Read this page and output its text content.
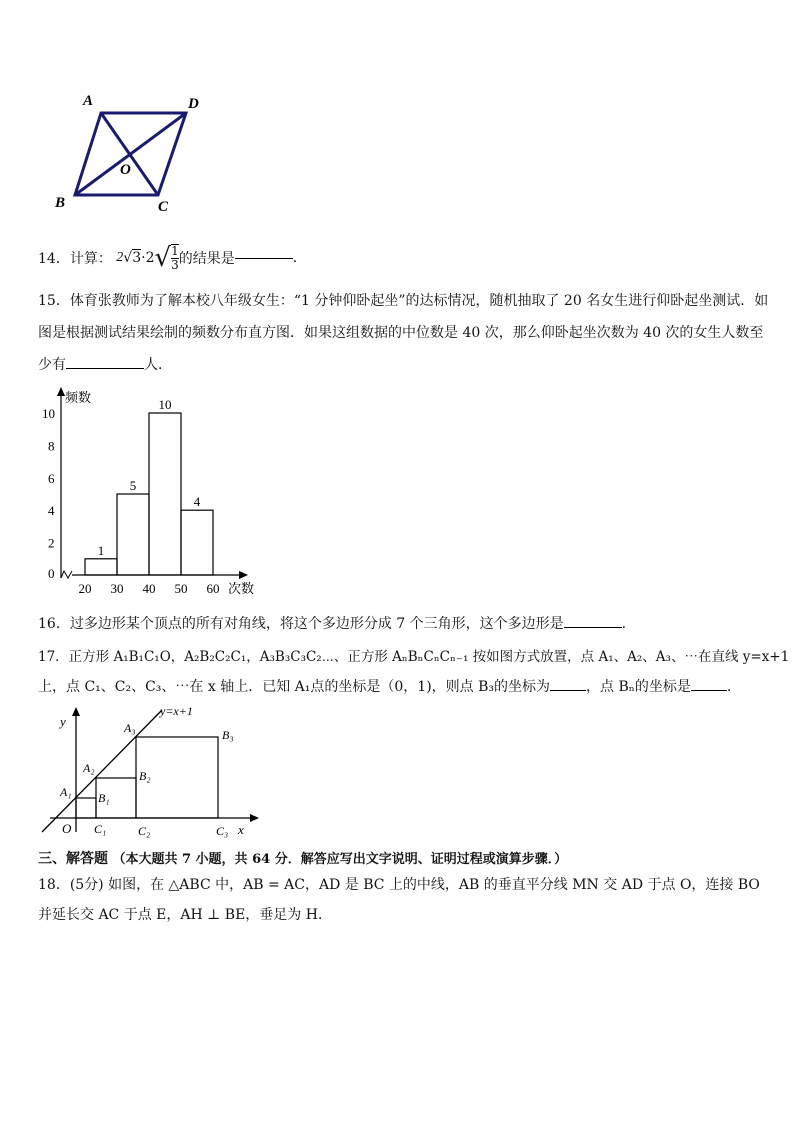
A	D
B	C
O
14．计算： $2√3\cdot 2√ \frac{1}{3}$ 的结果是	.
15．体育张教师为了解本校八年级女生：“1 分钟仰卧起坐”的达标情况，随机抽取了 20 名女生进行仰卧起坐测试．如
图是根据测试结果绘制的频数分布直方图．如果这组数据的中位数是 40 次，那么仰卧起坐次数为 40 次的女生人数至
少有	人．
频数
次数
0
2
4
6
8
10
20 30 40 50 60
1
5
10
4
16．过多边形某个顶点的所有对角线，将这个多边形分成 7 个三角形，这个多边形是	.
17．正方形 A₁B₁C₁O，A₂B₂C₂C₁，A₃B₃C₃C₂⋯、正方形 AₙBₙCₙCₙ₋₁ 按如图方式放置，点 A₁、A₂、A₃、⋯在直线 y=x+1
上，点 C₁、C₂、C₃、⋯在 x 轴上．已知 A₁点的坐标是（0，1)，则点 B₃的坐标为	，点 Bₙ的坐标是	.
y=x+1
y
x
O
A₁
A₂
A₃
B₁
B₂
B₃
C₁	C₂	C₃
三、解答题 （本大题共 7 小题，共 64 分．解答应写出文字说明、证明过程或演算步骤．）
18．(5分) 如图，在 △ABC 中，AB = AC，AD 是 BC 上的中线，AB 的垂直平分线 MN 交 AD 于点 O，连接 BO
并延长交 AC 于点 E，AH ⊥ BE，垂足为 H．
